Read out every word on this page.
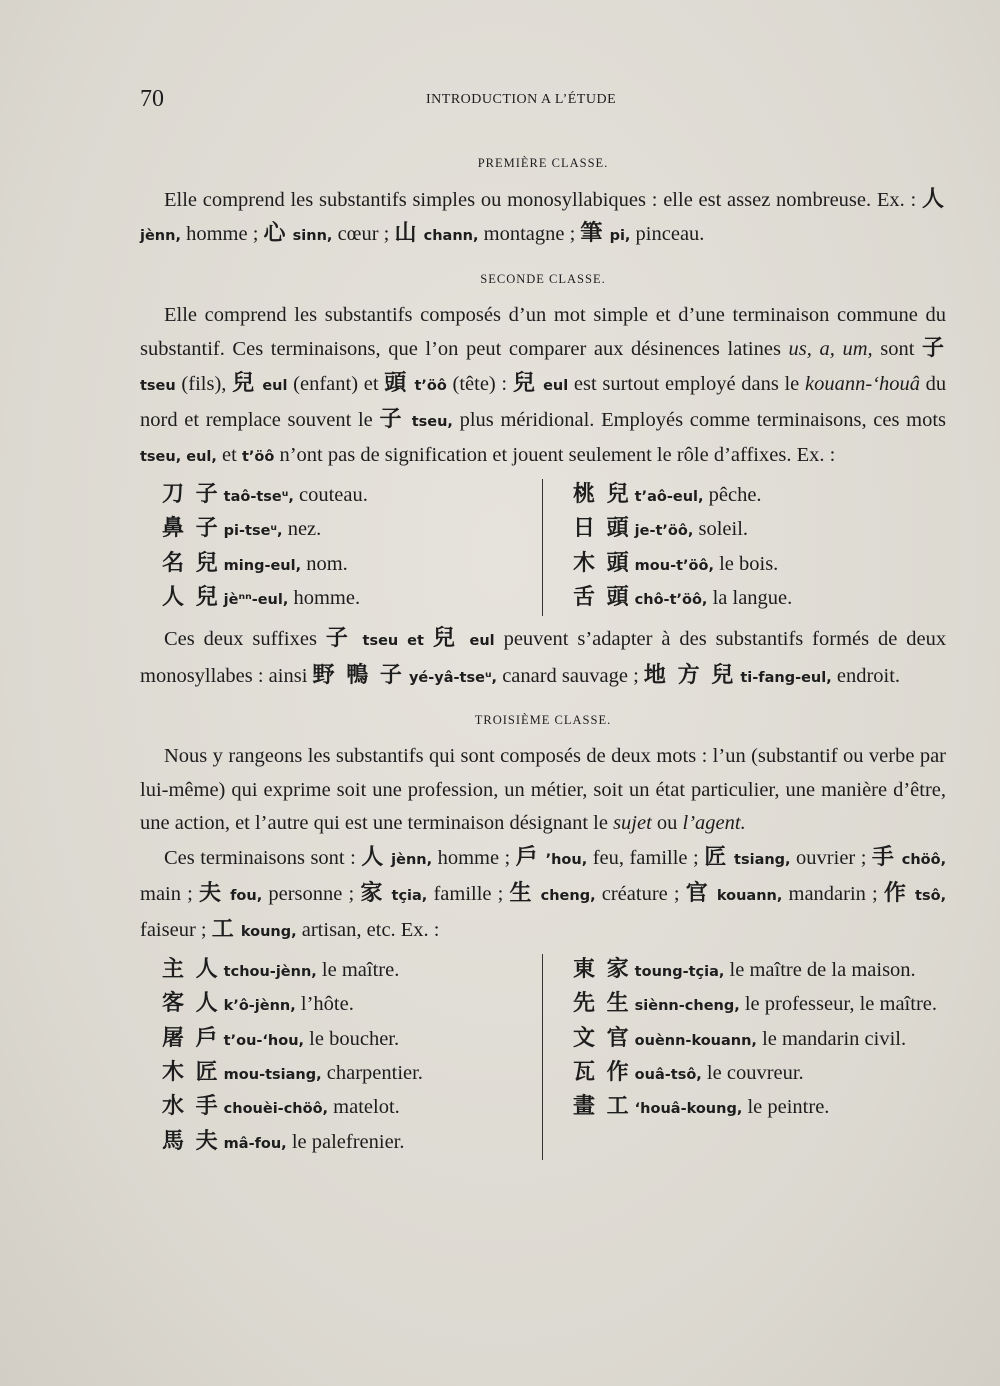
70	INTRODUCTION A L’ÉTUDE
PREMIÈRE CLASSE.

Elle comprend les substantifs simples ou monosyllabiques : elle est assez nombreuse. Ex. : 人 jènn, homme ; 心 sinn, cœur ; 山 chann, montagne ; 筆 pi, pinceau.

SECONDE CLASSE.

Elle comprend les substantifs composés d’un mot simple et d’une terminaison commune du substantif. Ces terminaisons, que l’on peut comparer aux désinences latines us, a, um, sont 子 tseu (fils), 兒 eul (enfant) et 頭 t’öô (tête) : 兒 eul est surtout employé dans le kouann-‘houâ du nord et remplace souvent le 子 tseu, plus méridional. Employés comme terminaisons, ces mots tseu, eul, et t’öô n’ont pas de signification et jouent seulement le rôle d’affixes. Ex. :

刀 子 taô-tseᵘ, couteau.
鼻 子 pi-tseᵘ, nez.
名 兒 ming-eul, nom.
人 兒 jèⁿⁿ-eul, homme.
桃 兒 t’aô-eul, pêche.
日 頭 je-t’öô, soleil.
木 頭 mou-t’öô, le bois.
舌 頭 chô-t’öô, la langue.

Ces deux suffixes 子 tseu et 兒 eul peuvent s’adapter à des substantifs formés de deux monosyllabes : ainsi 野 鴨 子 yé-yâ-tseᵘ, canard sauvage ; 地 方 兒 ti-fang-eul, endroit.

TROISIÈME CLASSE.

Nous y rangeons les substantifs qui sont composés de deux mots : l’un (substantif ou verbe par lui-même) qui exprime soit une profession, un métier, soit un état particulier, une manière d’être, une action, et l’autre qui est une terminaison désignant le sujet ou l’agent.

Ces terminaisons sont : 人 jènn, homme ; 戶 ’hou, feu, famille ; 匠 tsiang, ouvrier ; 手 chöô, main ; 夫 fou, personne ; 家 tçia, famille ; 生 cheng, créature ; 官 kouann, mandarin ; 作 tsô, faiseur ; 工 koung, artisan, etc. Ex. :

主 人 tchou-jènn, le maître.
客 人 k’ô-jènn, l’hôte.
屠 戶 t’ou-‘hou, le boucher.
木 匠 mou-tsiang, charpentier.
水 手 chouèi-chöô, matelot.
馬 夫 mâ-fou, le palefrenier.
東 家 toung-tçia, le maître de la maison.
先 生 siènn-cheng, le professeur, le maître.
文 官 ouènn-kouann, le mandarin civil.
瓦 作 ouâ-tsô, le couvreur.
畫 工 ‘houâ-koung, le peintre.
